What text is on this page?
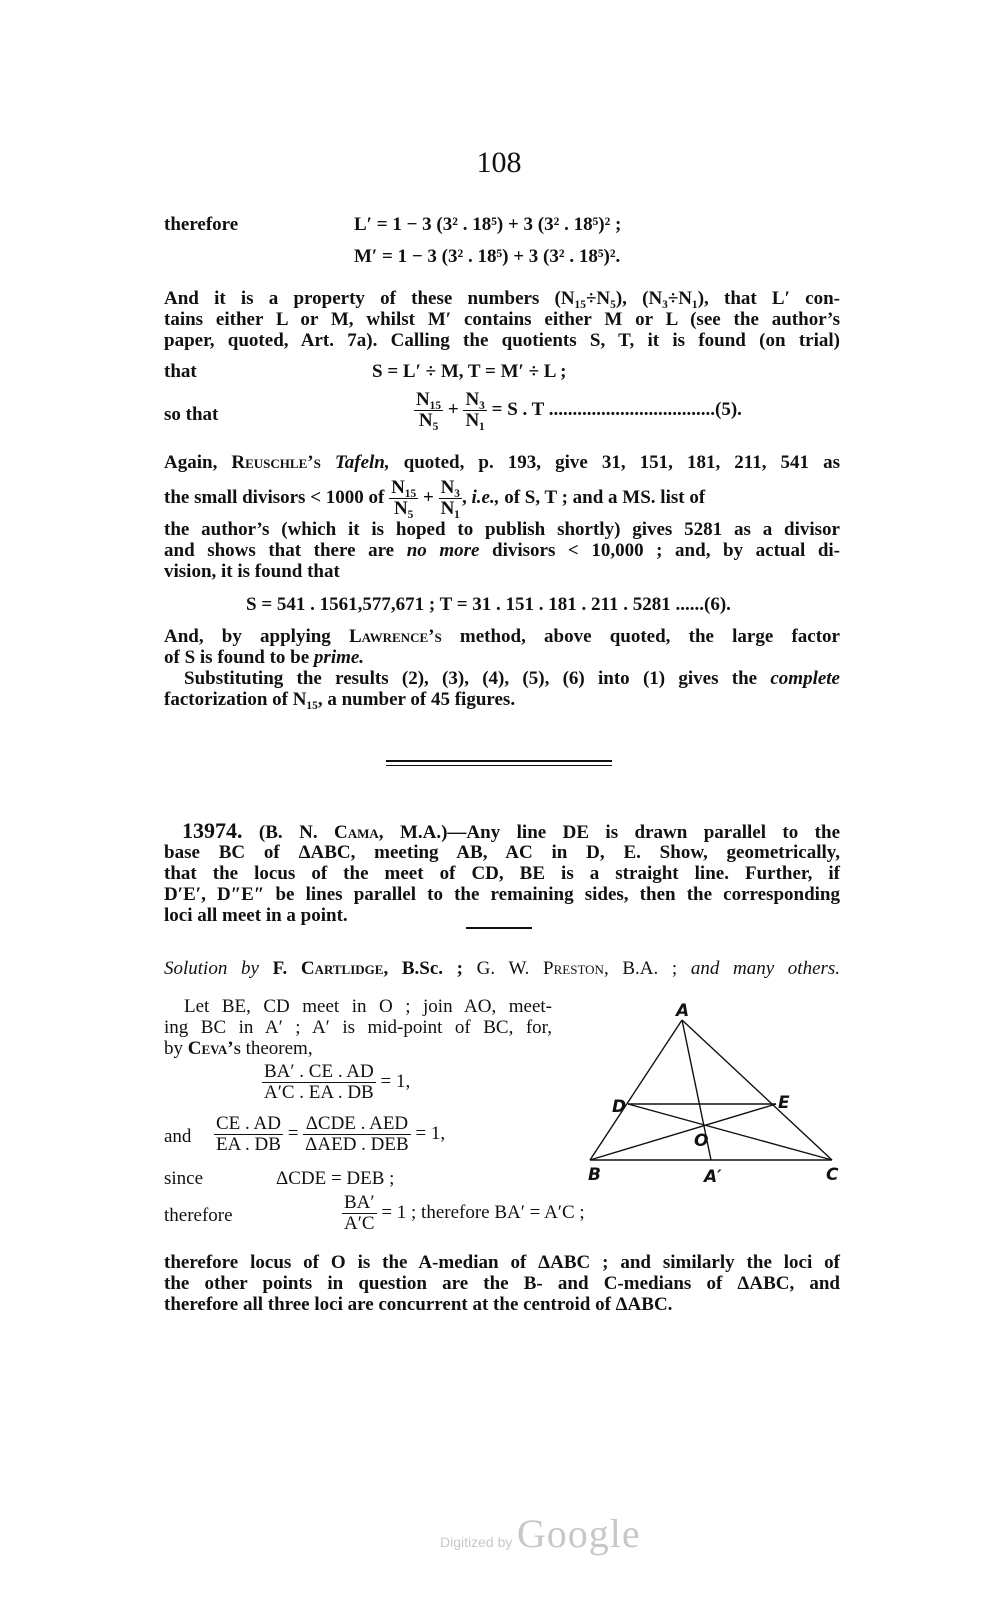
108
therefore	L′ = 1 − 3 (3² . 18⁵) + 3 (3² . 18⁵)² ;
M′ = 1 − 3 (3² . 18⁵) + 3 (3² . 18⁵)².
And it is a property of these numbers (N₁₅÷N₅), (N₃÷N₁), that L′ con-
tains either L or M, whilst M′ contains either M or L (see the author’s
paper, quoted, Art. 7a). Calling the quotients S, T, it is found (on trial)
that	S = L′ ÷ M, T = M′ ÷ L ;
so that	$\frac{\text{N₁₅}}{\text{N₅}} + \frac{\text{N₃}}{\text{N₁}} = S$ . T ...................................(5).
Again, Reuschle’s Tafeln, quoted, p. 193, give 31, 151, 181, 211, 541 as
the small divisors < 1000 of $\frac{\text{N₁₅}}{\text{N₅}} + \frac{\text{N₃}}{\text{N₁}}$ , i.e., of S, T ; and a MS. list of
the author’s (which it is hoped to publish shortly) gives 5281 as a divisor
and shows that there are no more divisors < 10,000 ; and, by actual di-
vision, it is found that
S = 541 . 1561,577,671 ; T = 31 . 151 . 181 . 211 . 5281 ......(6).
And, by applying Lawrence’s method, above quoted, the large factor
of S is found to be prime.
Substituting the results (2), (3), (4), (5), (6) into (1) gives the complete
factorization of N₁₅, a number of 45 figures.
13974. (B. N. Cama, M.A.)—Any line DE is drawn parallel to the
base BC of ΔABC, meeting AB, AC in D, E. Show, geometrically,
that the locus of the meet of CD, BE is a straight line. Further, if
D′E′, D″E″ be lines parallel to the remaining sides, then the corresponding
loci all meet in a point.
Solution by F. Cartlidge, B.Sc. ; G. W. Preston, B.A. ; and many others.
Let BE, CD meet in O ; join AO, meet-
ing BC in A′ ; A′ is mid-point of BC, for,
by Ceva’s theorem,
$\frac{BA' . CE . AD}{A'C . EA . DB} = 1$,
and $\frac{CE . AD}{EA . DB} = \frac{\text{ΔCDE . AED}}{\text{ΔAED . DEB}} = 1$,
since	ΔCDE = DEB ;
therefore	$\frac{BA'}{A'C} = 1$ ; therefore BA′ = A′C ;
therefore locus of O is the A-median of ΔABC ; and similarly the loci of
the other points in question are the B- and C-medians of ΔABC, and
therefore all three loci are concurrent at the centroid of ΔABC.
A
D	E
O
B	A′	C
Digitized by Google
